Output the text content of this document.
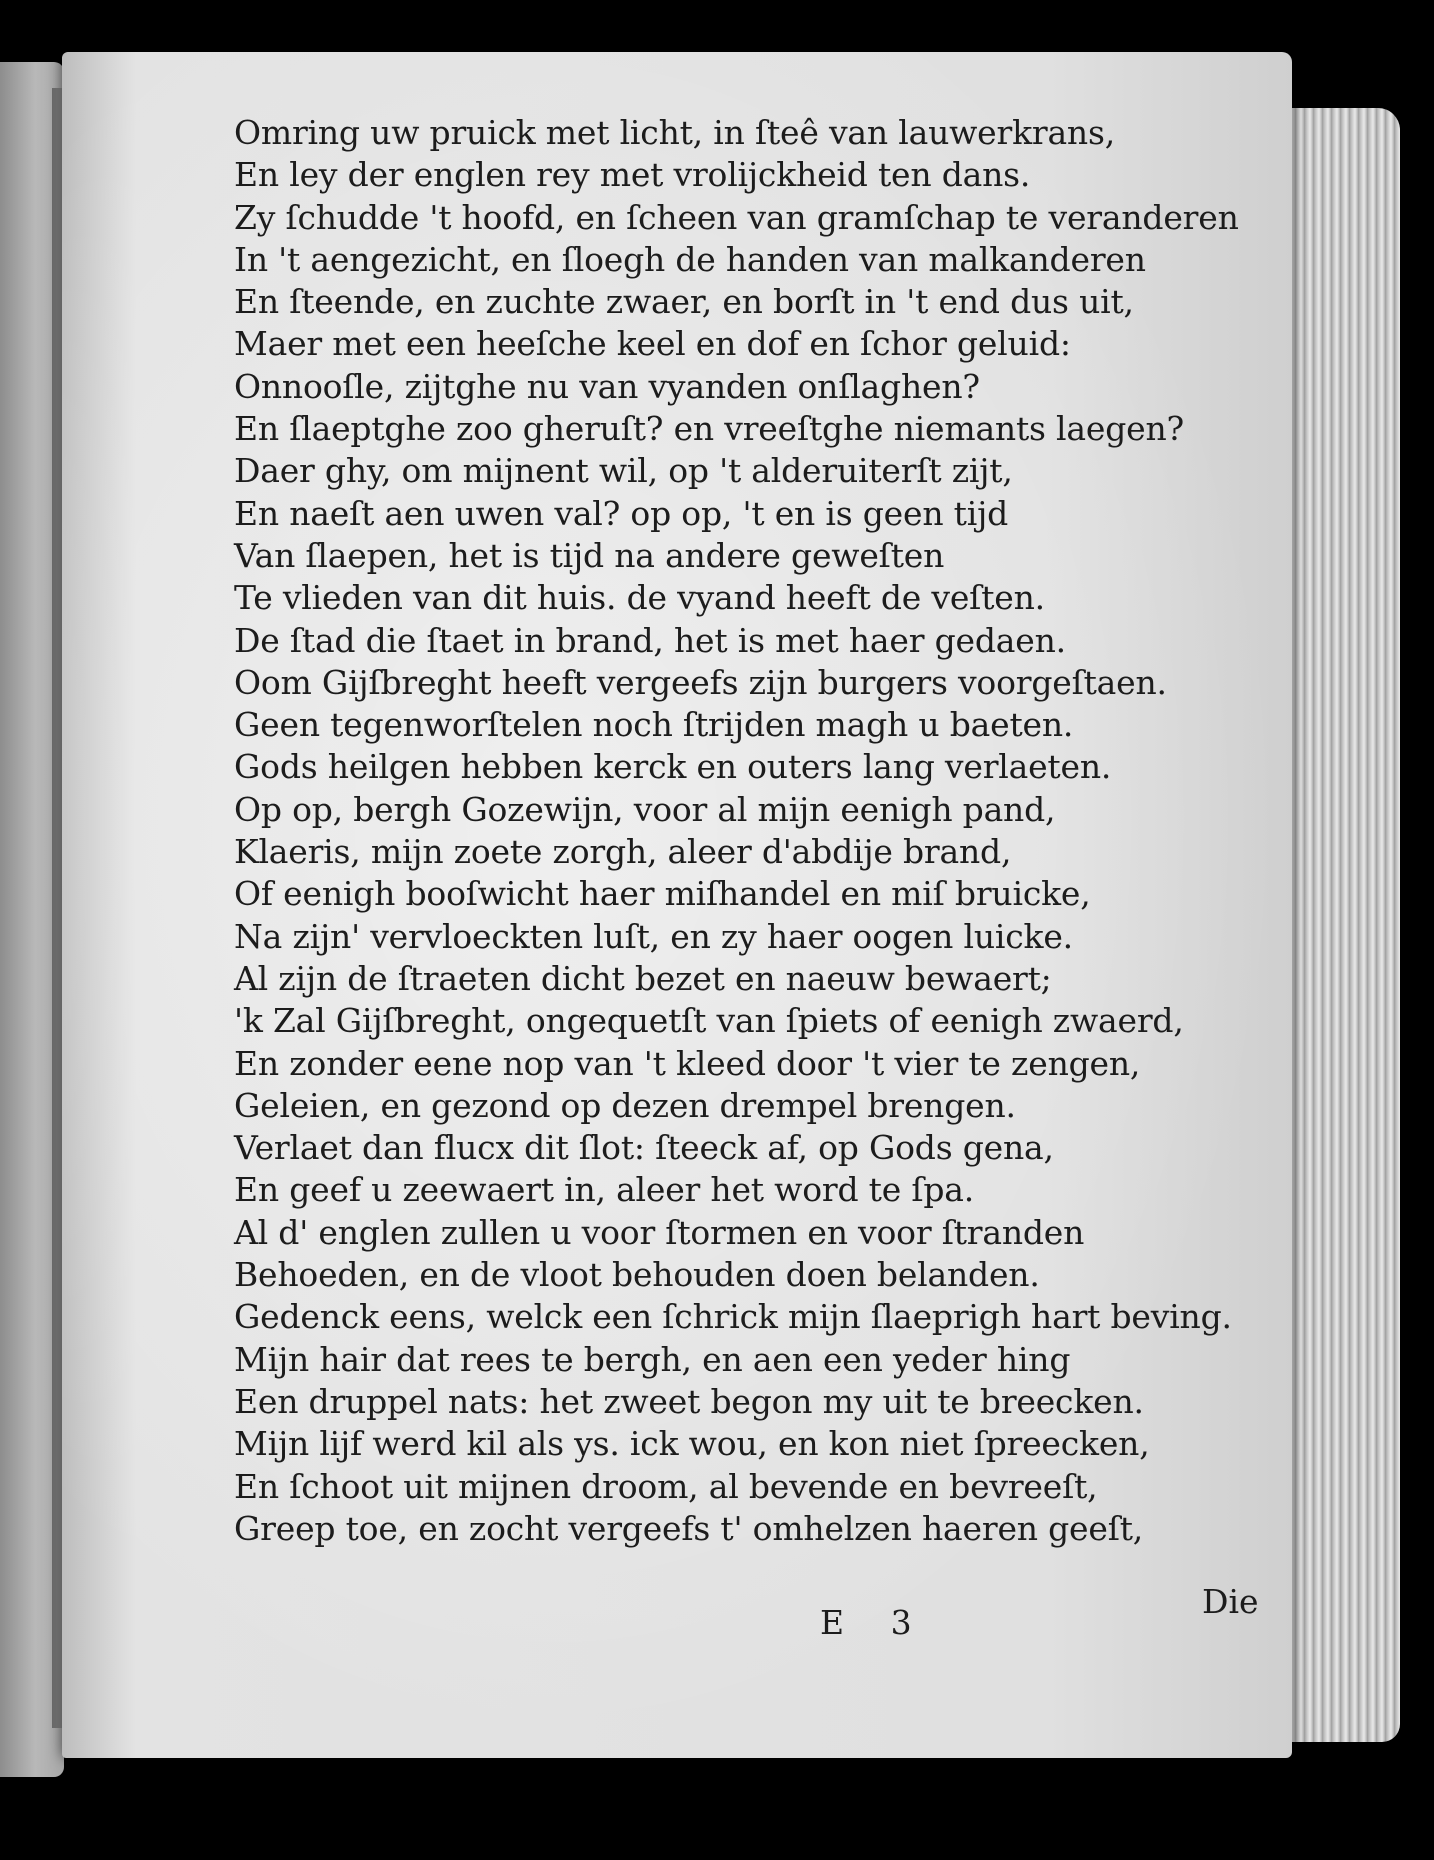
Omring uw pruick met licht, in ſteê van lauwerkrans,
En ley der englen rey met vrolijckheid ten dans.
Zy ſchudde 't hoofd, en ſcheen van gramſchap te veranderen
In 't aengezicht, en ſloegh de handen van malkanderen
En ſteende, en zuchte zwaer, en borſt in 't end dus uit,
Maer met een heeſche keel en dof en ſchor geluid:
Onnooſle, zijtghe nu van vyanden onſlaghen?
En ſlaeptghe zoo gheruſt? en vreeſtghe niemants laegen?
Daer ghy, om mijnent wil, op 't alderuiterſt zijt,
En naeſt aen uwen val? op op, 't en is geen tijd
Van ſlaepen, het is tijd na andere geweſten
Te vlieden van dit huis. de vyand heeft de veſten.
De ſtad die ſtaet in brand, het is met haer gedaen.
Oom Gijſbreght heeft vergeefs zijn burgers voorgeſtaen.
Geen tegenworſtelen noch ſtrijden magh u baeten.
Gods heilgen hebben kerck en outers lang verlaeten.
Op op, bergh Gozewijn, voor al mijn eenigh pand,
Klaeris, mijn zoete zorgh, aleer d'abdije brand,
Of eenigh booſwicht haer miſhandel en miſ bruicke,
Na zijn' vervloeckten luſt, en zy haer oogen luicke.
Al zijn de ſtraeten dicht bezet en naeuw bewaert;
'k Zal Gijſbreght, ongequetſt van ſpiets of eenigh zwaerd,
En zonder eene nop van 't kleed door 't vier te zengen,
Geleien, en gezond op dezen drempel brengen.
Verlaet dan flucx dit ſlot: ſteeck af, op Gods gena,
En geef u zeewaert in, aleer het word te ſpa.
Al d' englen zullen u voor ſtormen en voor ſtranden
Behoeden, en de vloot behouden doen belanden.
Gedenck eens, welck een ſchrick mijn ſlaeprigh hart beving.
Mijn hair dat rees te bergh, en aen een yeder hing
Een druppel nats: het zweet begon my uit te breecken.
Mijn lijf werd kil als ys. ick wou, en kon niet ſpreecken,
En ſchoot uit mijnen droom, al bevende en bevreeſt,
Greep toe, en zocht vergeefs t' omhelzen haeren geeſt,
E 3
Die
